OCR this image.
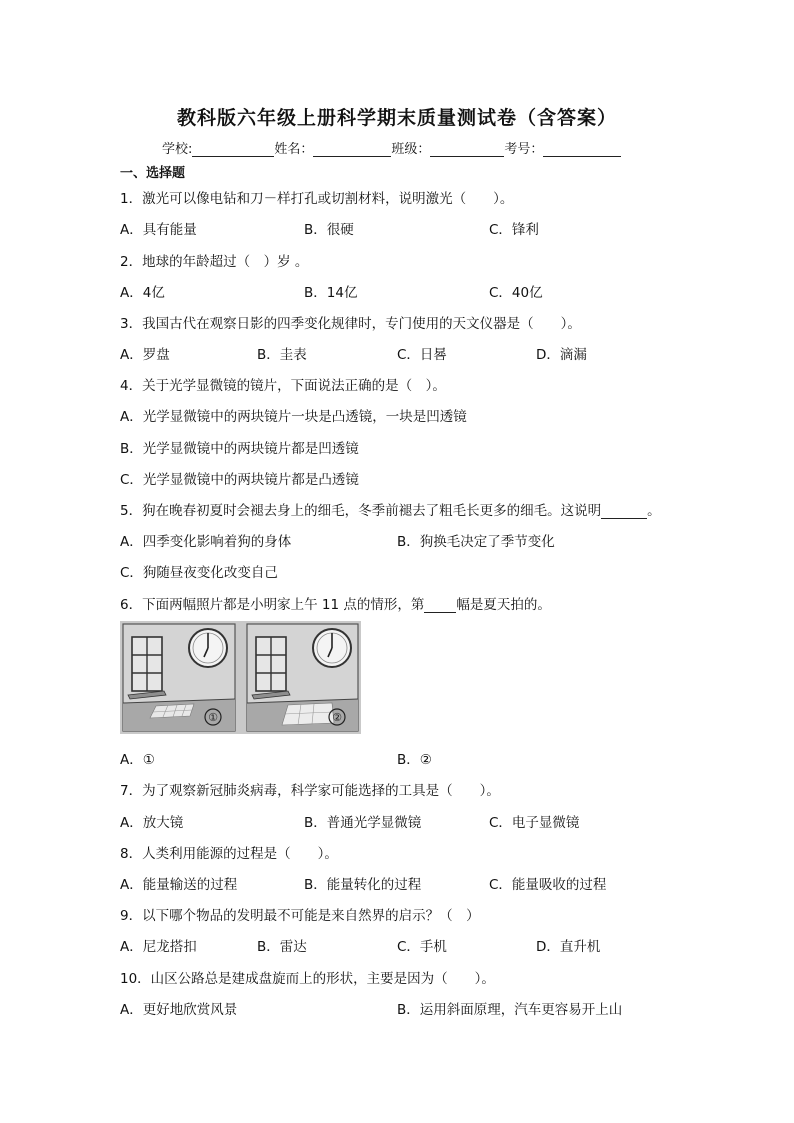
教科版六年级上册科学期末质量测试卷（含答案）
学校:	姓名：	班级：	考号：
一、选择题
1．激光可以像电钻和刀－样打孔或切割材料，说明激光（　　）。
A．具有能量	B．很硬	C．锋利
2．地球的年龄超过（　）岁 。
A．4亿	B．14亿	C．40亿
3．我国古代在观察日影的四季变化规律时，专门使用的天文仪器是（　　）。
A．罗盘	B．圭表	C．日晷	D．滴漏
4．关于光学显微镜的镜片，下面说法正确的是（　）。
A．光学显微镜中的两块镜片一块是凸透镜，一块是凹透镜
B．光学显微镜中的两块镜片都是凹透镜
C．光学显微镜中的两块镜片都是凸透镜
5．狗在晚春初夏时会褪去身上的细毛，冬季前褪去了粗毛长更多的细毛。这说明	。
A．四季变化影响着狗的身体	B．狗换毛决定了季节变化
C．狗随昼夜变化改变自己
6．下面两幅照片都是小明家上午 11 点的情形，第 幅是夏天拍的。
①	②
A．①	B．②
7．为了观察新冠肺炎病毒，科学家可能选择的工具是（　　）。
A．放大镜	B．普通光学显微镜	C．电子显微镜
8．人类利用能源的过程是（　　）。
A．能量输送的过程	B．能量转化的过程	C．能量吸收的过程
9．以下哪个物品的发明最不可能是来自然界的启示？（　）
A．尼龙搭扣	B．雷达	C．手机	D．直升机
10．山区公路总是建成盘旋而上的形状，主要是因为（　　）。
A．更好地欣赏风景	B．运用斜面原理，汽车更容易开上山
